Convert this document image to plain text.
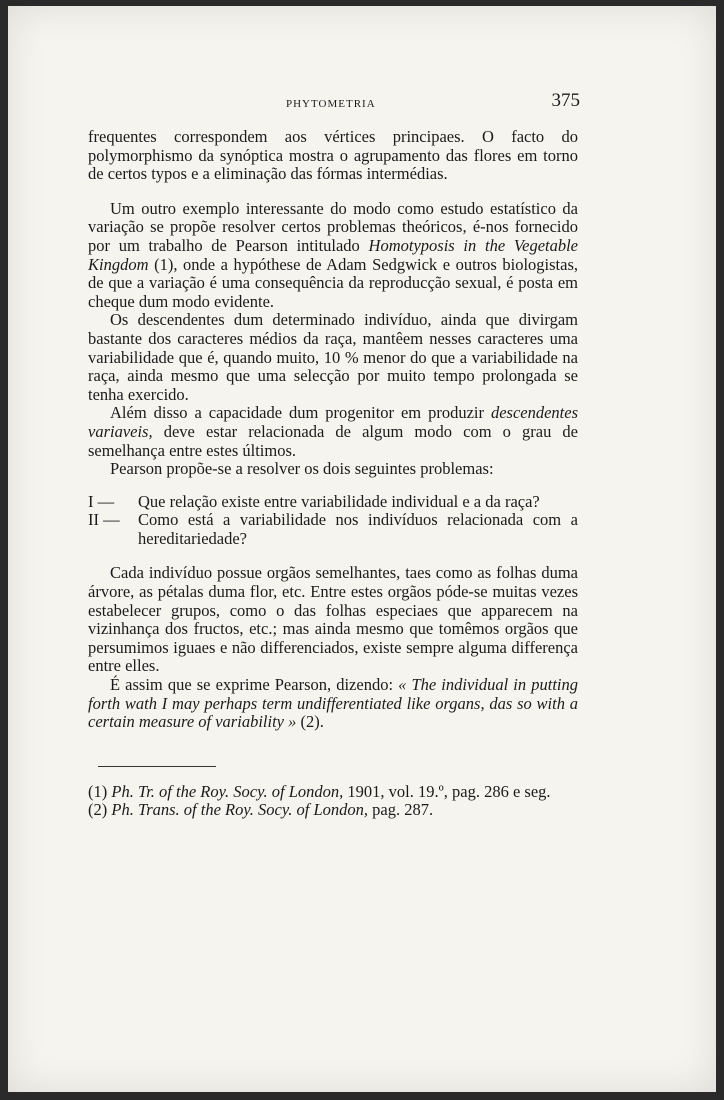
PHYTOMETRIA	375

frequentes correspondem aos vértices principaes. O facto do polymorphismo da synóptica mostra o agrupamento das flores em torno de certos typos e a eliminação das fórmas intermédias.

Um outro exemplo interessante do modo como estudo estatístico da variação se propõe resolver certos problemas theóricos, é-nos fornecido por um trabalho de Pearson intitulado Homotyposis in the Vegetable Kingdom (1), onde a hypóthese de Adam Sedgwick e outros biologistas, de que a variação é uma consequência da reproducção sexual, é posta em cheque dum modo evidente.

Os descendentes dum determinado indivíduo, ainda que divirgam bastante dos caracteres médios da raça, mantêem nesses caracteres uma variabilidade que é, quando muito, 10 % menor do que a variabilidade na raça, ainda mesmo que uma selecção por muito tempo prolongada se tenha exercido.

Além disso a capacidade dum progenitor em produzir descendentes variaveis, deve estar relacionada de algum modo com o grau de semelhança entre estes últimos.

Pearson propõe-se a resolver os dois seguintes problemas:

I — Que relação existe entre variabilidade individual e a da raça?

II — Como está a variabilidade nos indivíduos relacionada com a hereditariedade?

Cada indivíduo possue orgãos semelhantes, taes como as folhas duma árvore, as pétalas duma flor, etc. Entre estes orgãos póde-se muitas vezes estabelecer grupos, como o das folhas especiaes que apparecem na vizinhança dos fructos, etc.; mas ainda mesmo que tomêmos orgãos que persumimos iguaes e não differenciados, existe sempre alguma differença entre elles.

É assim que se exprime Pearson, dizendo: « The individual in putting forth wath I may perhaps term undifferentiated like organs, das so with a certain measure of variability » (2).

(1) Ph. Tr. of the Roy. Socy. of London, 1901, vol. 19.º, pag. 286 e seg.

(2) Ph. Trans. of the Roy. Socy. of London, pag. 287.
